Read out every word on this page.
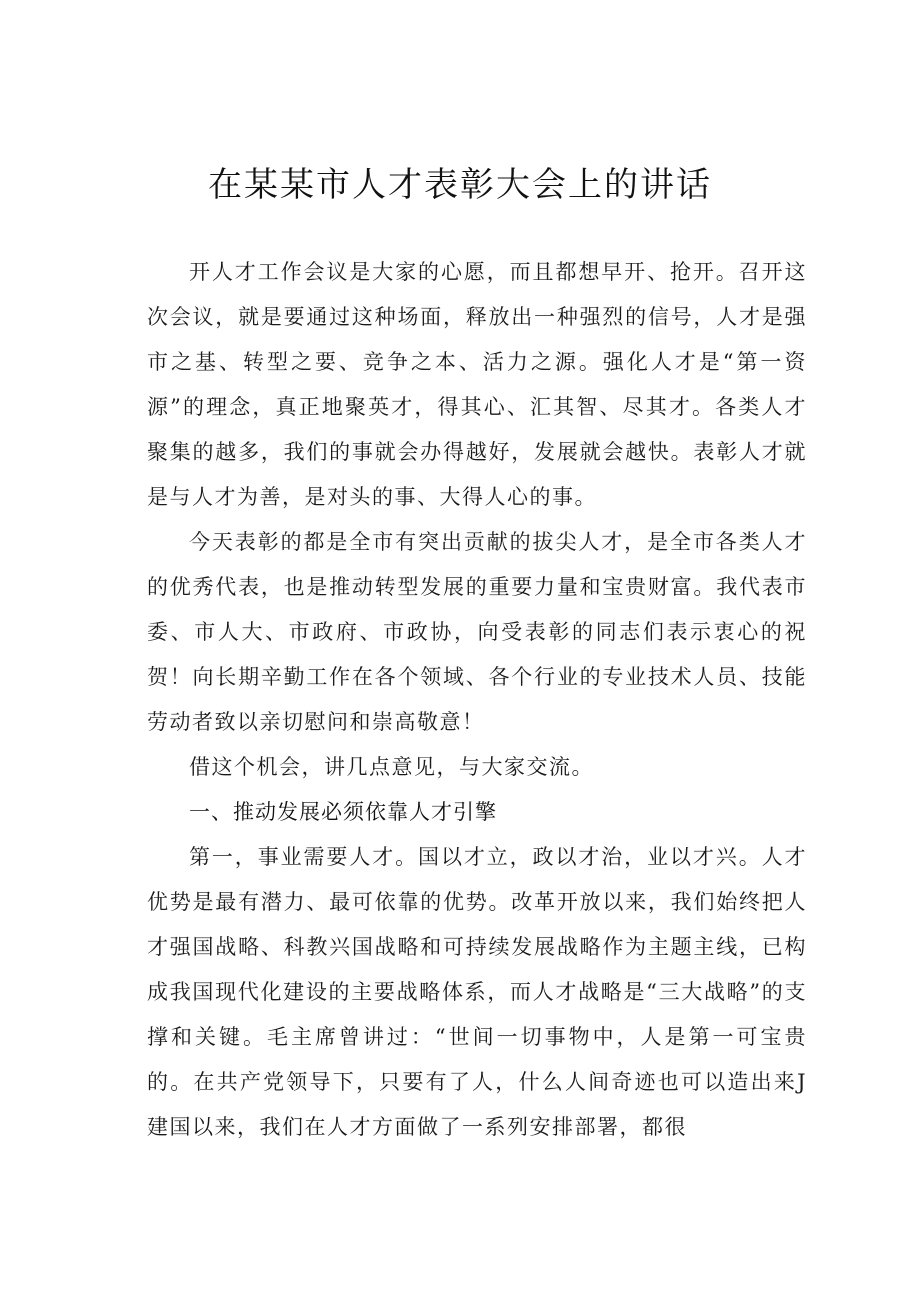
在某某市人才表彰大会上的讲话

开人才工作会议是大家的心愿，而且都想早开、抢开。召开这次会议，就是要通过这种场面，释放出一种强烈的信号，人才是强市之基、转型之要、竞争之本、活力之源。强化人才是“第一资源”的理念，真正地聚英才，得其心、汇其智、尽其才。各类人才聚集的越多，我们的事就会办得越好，发展就会越快。表彰人才就是与人才为善，是对头的事、大得人心的事。

今天表彰的都是全市有突出贡献的拔尖人才，是全市各类人才的优秀代表，也是推动转型发展的重要力量和宝贵财富。我代表市委、市人大、市政府、市政协，向受表彰的同志们表示衷心的祝贺！向长期辛勤工作在各个领域、各个行业的专业技术人员、技能劳动者致以亲切慰问和崇高敬意！

借这个机会，讲几点意见，与大家交流。

一、推动发展必须依靠人才引擎

第一，事业需要人才。国以才立，政以才治，业以才兴。人才优势是最有潜力、最可依靠的优势。改革开放以来，我们始终把人才强国战略、科教兴国战略和可持续发展战略作为主题主线，已构成我国现代化建设的主要战略体系，而人才战略是“三大战略”的支撑和关键。毛主席曾讲过：“世间一切事物中，人是第一可宝贵的。在共产党领导下，只要有了人，什么人间奇迹也可以造出来J建国以来，我们在人才方面做了一系列安排部署，都很
